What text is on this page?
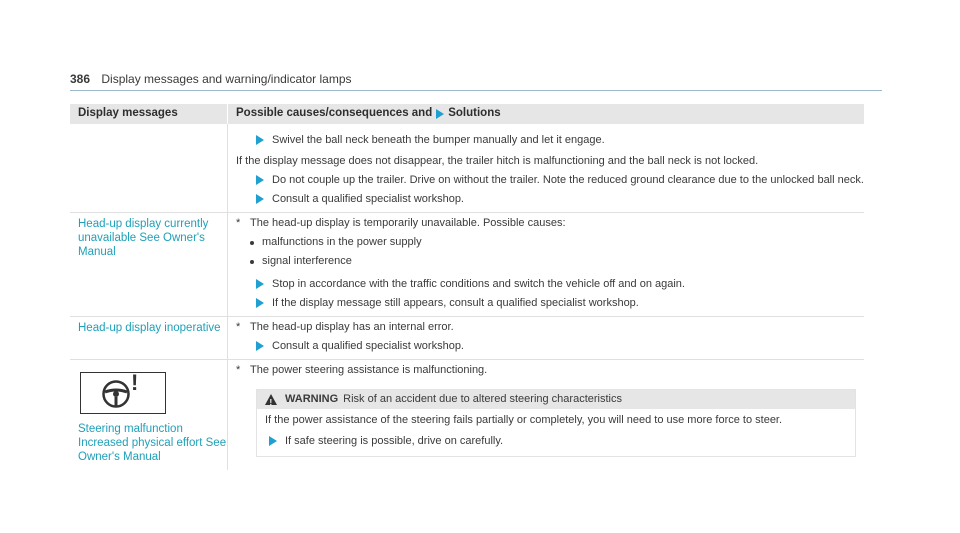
386 Display messages and warning/indicator lamps
Display messages	Possible causes/consequences and Solutions
Swivel the ball neck beneath the bumper manually and let it engage.
If the display message does not disappear, the trailer hitch is malfunctioning and the ball neck is not locked.
Do not couple up the trailer. Drive on without the trailer. Note the reduced ground clearance due to the unlocked ball neck.
Consult a qualified specialist workshop.
Head-up display currently unavailable See Owner's Manual
* The head-up display is temporarily unavailable. Possible causes:
malfunctions in the power supply
signal interference
Stop in accordance with the traffic conditions and switch the vehicle off and on again.
If the display message still appears, consult a qualified specialist workshop.
Head-up display inoperative	* The head-up display has an internal error.
Consult a qualified specialist workshop.
!
Steering malfunction Increased physical effort See Owner's Manual
* The power steering assistance is malfunctioning.
! WARNING Risk of an accident due to altered steering characteristics
If the power assistance of the steering fails partially or completely, you will need to use more force to steer.
If safe steering is possible, drive on carefully.
